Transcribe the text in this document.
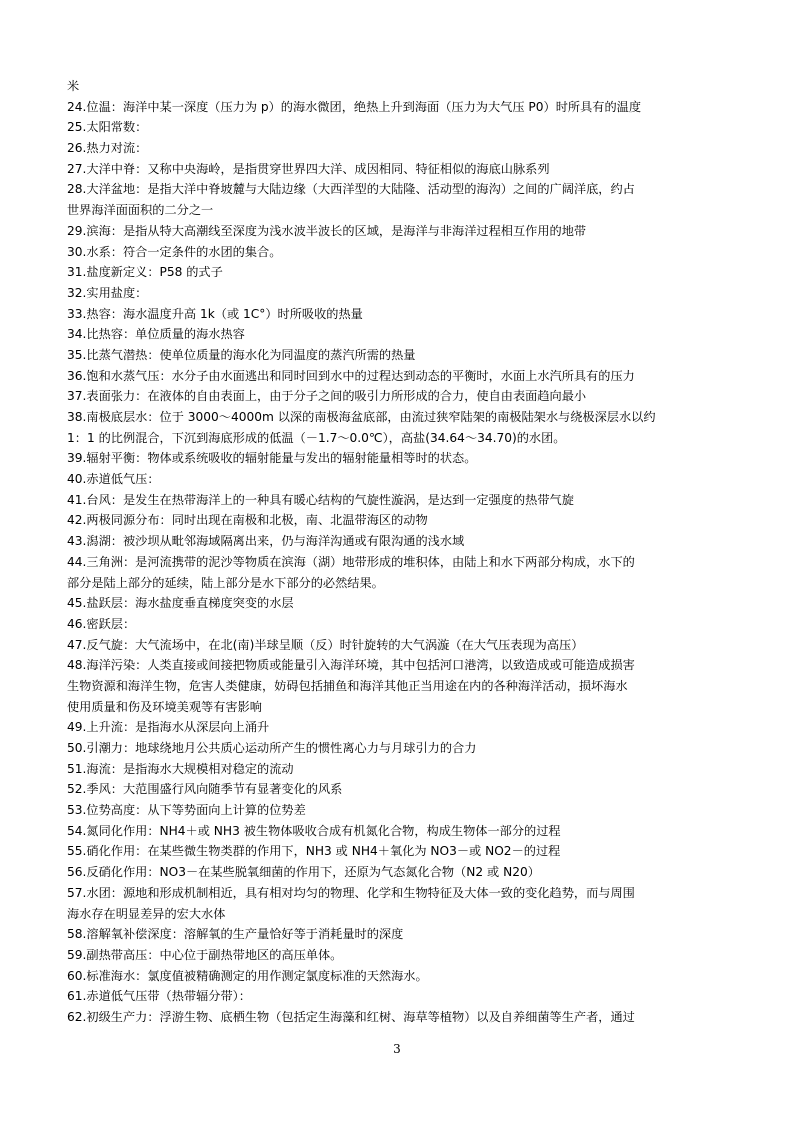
米
24.位温：海洋中某一深度（压力为 p）的海水微团，绝热上升到海面（压力为大气压 P0）时所具有的温度
25.太阳常数：
26.热力对流：
27.大洋中脊：又称中央海岭，是指贯穿世界四大洋、成因相同、特征相似的海底山脉系列
28.大洋盆地：是指大洋中脊坡麓与大陆边缘（大西洋型的大陆隆、活动型的海沟）之间的广阔洋底，约占
世界海洋面面积的二分之一
29.滨海：是指从特大高潮线至深度为浅水波半波长的区域，是海洋与非海洋过程相互作用的地带
30.水系：符合一定条件的水团的集合。
31.盐度新定义：P58 的式子
32.实用盐度：
33.热容：海水温度升高 1k（或 1C°）时所吸收的热量
34.比热容：单位质量的海水热容
35.比蒸气潜热：使单位质量的海水化为同温度的蒸汽所需的热量
36.饱和水蒸气压：水分子由水面逃出和同时回到水中的过程达到动态的平衡时，水面上水汽所具有的压力
37.表面张力：在液体的自由表面上，由于分子之间的吸引力所形成的合力，使自由表面趋向最小
38.南极底层水：位于 3000～4000m 以深的南极海盆底部，由流过狭窄陆架的南极陆架水与绕极深层水以约
1：1 的比例混合，下沉到海底形成的低温（－1.7～0.0℃），高盐(34.64～34.70)的水团。
39.辐射平衡：物体或系统吸收的辐射能量与发出的辐射能量相等时的状态。
40.赤道低气压：
41.台风：是发生在热带海洋上的一种具有暖心结构的气旋性漩涡，是达到一定强度的热带气旋
42.两极同源分布：同时出现在南极和北极，南、北温带海区的动物
43.潟湖：被沙坝从毗邻海域隔离出来，仍与海洋沟通或有限沟通的浅水域
44.三角洲：是河流携带的泥沙等物质在滨海（湖）地带形成的堆积体，由陆上和水下两部分构成，水下的
部分是陆上部分的延续，陆上部分是水下部分的必然结果。
45.盐跃层：海水盐度垂直梯度突变的水层
46.密跃层：
47.反气旋：大气流场中，在北(南)半球呈顺（反）时针旋转的大气涡漩（在大气压表现为高压）
48.海洋污染：人类直接或间接把物质或能量引入海洋环境，其中包括河口港湾，以致造成或可能造成损害
生物资源和海洋生物，危害人类健康，妨碍包括捕鱼和海洋其他正当用途在内的各种海洋活动，损坏海水
使用质量和伤及环境美观等有害影响
49.上升流：是指海水从深层向上涌升
50.引潮力：地球绕地月公共质心运动所产生的惯性离心力与月球引力的合力
51.海流：是指海水大规模相对稳定的流动
52.季风：大范围盛行风向随季节有显著变化的风系
53.位势高度：从下等势面向上计算的位势差
54.氮同化作用：NH4＋或 NH3 被生物体吸收合成有机氮化合物，构成生物体一部分的过程
55.硝化作用：在某些微生物类群的作用下，NH3 或 NH4＋氧化为 NO3－或 NO2－的过程
56.反硝化作用：NO3－在某些脱氧细菌的作用下，还原为气态氮化合物（N2 或 N20）
57.水团：源地和形成机制相近，具有相对均匀的物理、化学和生物特征及大体一致的变化趋势，而与周围
海水存在明显差异的宏大水体
58.溶解氧补偿深度：溶解氧的生产量恰好等于消耗量时的深度
59.副热带高压：中心位于副热带地区的高压单体。
60.标准海水：氯度值被精确测定的用作测定氯度标准的天然海水。
61.赤道低气压带（热带辐分带）：
62.初级生产力：浮游生物、底栖生物（包括定生海藻和红树、海草等植物）以及自养细菌等生产者，通过
3
